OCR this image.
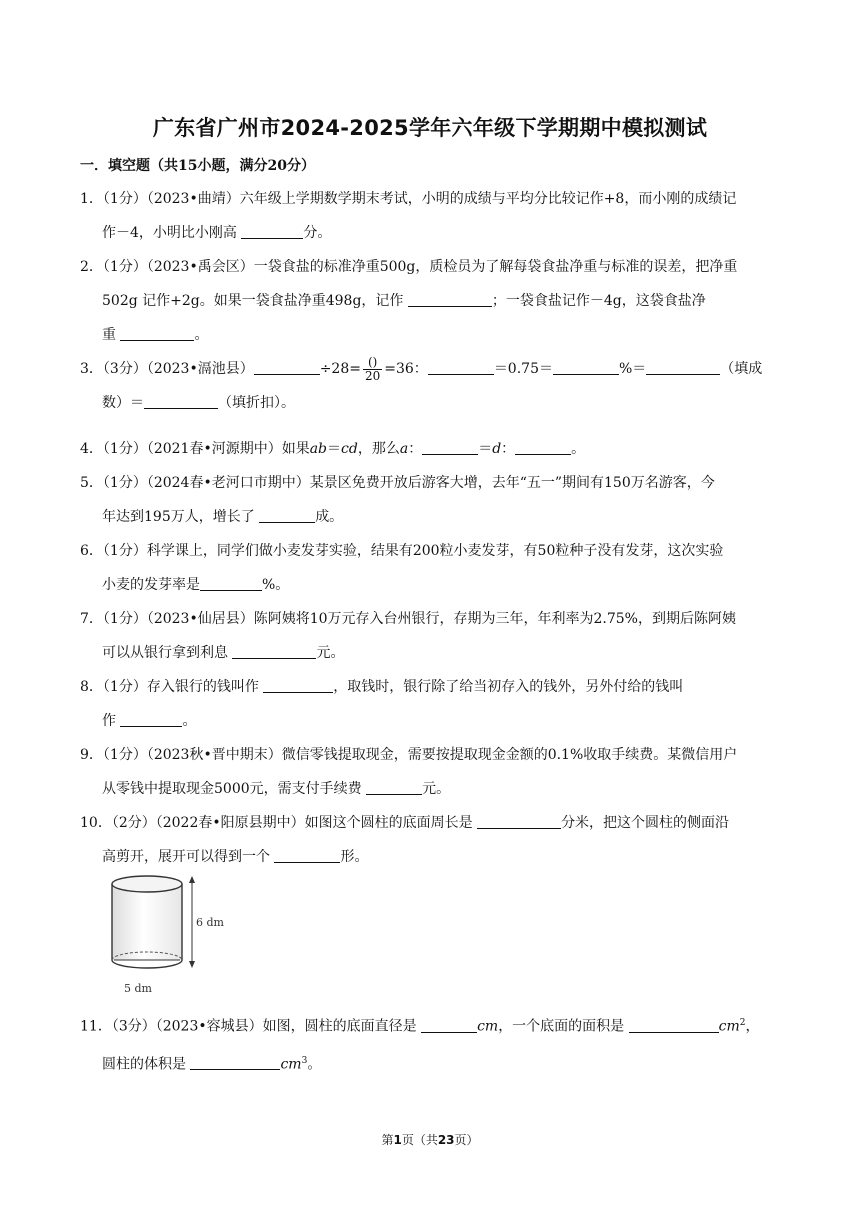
广东省广州市2024-2025学年六年级下学期期中模拟测试
一．填空题（共15小题，满分20分）
1．（1分）（2023•曲靖）六年级上学期数学期末考试，小明的成绩与平均分比较记作+8，而小刚的成绩记
作－4，小明比小刚高	分。
2．（1分）（2023•禹会区）一袋食盐的标准净重500g，质检员为了解每袋食盐净重与标准的误差，把净重
502g 记作+2g。如果一袋食盐净重498g，记作	；一袋食盐记作－4g，这袋食盐净
重	。
3．（3分）（2023•滆池县）	$\div 28= \frac{()}{20} =36$：	＝0.75＝	%＝	（填成
数）＝	（填折扣）。
4．（1分）（2021春•河源期中）如果ab＝cd，那么a：	＝d：	。
5．（1分）（2024春•老河口市期中）某景区免费开放后游客大增，去年“五一”期间有150万名游客，今
年达到195万人，增长了	成。
6．（1分）科学课上，同学们做小麦发芽实验，结果有200粒小麦发芽，有50粒种子没有发芽，这次实验
小麦的发芽率是	%。
7．（1分）（2023•仙居县）陈阿姨将10万元存入台州银行，存期为三年，年利率为2.75%，到期后陈阿姨
可以从银行拿到利息	元。
8．（1分）存入银行的钱叫作	，取钱时，银行除了给当初存入的钱外，另外付给的钱叫
作	。
9．（1分）（2023秋•晋中期末）微信零钱提取现金，需要按提取现金金额的0.1%收取手续费。某微信用户
从零钱中提取现金5000元，需支付手续费	元。
10．（2分）（2022春•阳原县期中）如图这个圆柱的底面周长是	分米，把这个圆柱的侧面沿
高剪开，展开可以得到一个	形。
6 dm
5 dm
11．（3分）（2023•容城县）如图，圆柱的底面直径是	cm，一个底面的面积是	$cm^2$，
圆柱的体积是	$cm^3$。
第1页（共23页）
